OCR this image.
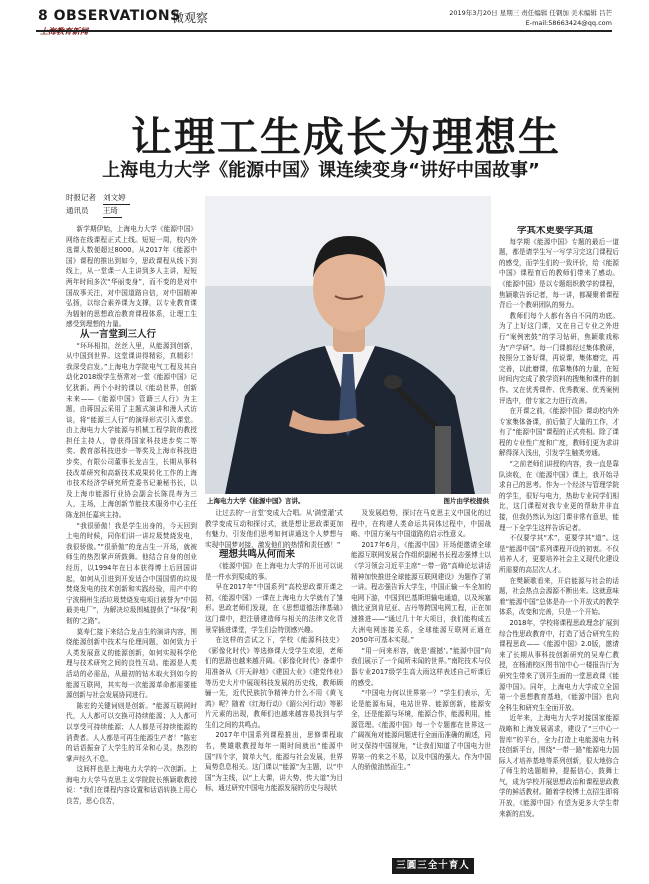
8 OBSERVATIONS
微观察	2019年3月20日 星期三 责任编辑 任钢加 美术编辑 吕芒
E-mail:58663424@qq.com
让理工生成长为理想生
上海电力大学《能源中国》课连续变身“讲好中国故事”
时报记者 刘文婷
通讯员 王琦
上海电力大学《能源中国》言讲。	图片由学校提供

新学期伊始，上海电力大学《能源中国》网络在线课程正式上线。短短一周，校内外选课人数便超过8000。从2017年《能源中国》课程的推出到如今，思政课程从线下到线上，从一堂课一人主讲到多人主讲，短短两年时间多次“华丽变身”，而不变的是对中国故事关注，对中国道路自信，对中国精神弘扬，以综合素养课为支撑，以专业教育课为辐射的思想政治教育课程体系，让理工生感受到理想的力量。

从一言堂到三人行

“环环相扣，丝丝入里，从能源到创新，从中国到世界。这堂课讲得精彩，真精彩！我深受启发。”上海电力学院电气工程及其自动化2018级学生蔡常对一堂《能源中国》记忆犹新。两个小时的课以《能动世界，创新未来——《能源中国》管籍三人行》为主题，由蒋国云采用了主题式演讲和漫人式访谈，将“能源三人行”的演绎形式引入课堂。由上海电力大学能源与机械工程学院的教授担任主持人，曾获得国家科技进步奖二等奖、教育部科技进步一等奖及上海市科技进步奖，有限公司董事长龙吉生，长期从事科技改革研究和高新技术成果转化工作的上海市技术经济学研究所党委书记兼秘书长，以及上海市能源行业协会副会长陈昆寿为三人，主场，上海创新节能技术服务中心主任陈龙担任嘉宾主持。

“我很骄傲！我是学生出身的，今天回到上电的时候，同你们讲一讲垃圾焚烧发电，我很骄傲。”“很骄傲”的龙吉生一开场，就被师生的热烈掌声所鼓舞。他结合自身的创业经历，以1994年在日本获得博士后回国讲起，如何从引进到开发适合中国国情的垃圾焚烧发电的技术创新和实践经验，用产中的宁波桐州生活垃圾焚烧发电项目被誉为“中国最美电厂”，为解决垃圾围城提供了“环保”利彻的‘之路”。

莫寿仁接下来结合龙吉生的演讲内容，围绕能源创新中技术与伦理问题，如何致力于人类发展意义的能源创新，如何实现科学伦理与技术研究之间的良性互动。能源是人类活动的必需品，从最初的钻木取火到如今的能源互联网，其实每一次能源革命都需要能源创新与社会发展协同进行。

陈宏的关键词则是创新。“能源互联网时代，人人都可以交换可持续能源；人人都可以享受可持续能源；人人都是可持续能源的消费者。人人都是可再生能源生产者！”陈宏的话语振奋了大学生的耳朵和心灵。热烈的掌声经久不息。

这间样也是上海电力大学的一次创新。上海电力大学马克思主义学院院长熊颖歌教授说：“我们在课程内容设置和话语转换上用心良苦，思心良苦，

让过去的‘一言堂’变成大合唱。从‘满堂灌’式教学变成互动和探讨式，就是想让思政课更加有魅力，引发他们思考如何讲通这个人梦想与实现中国梦对接，激发他们的热情和责任感！”

理想共鸣从何而来

《能源中国》在上海电力大学的开出可以说是一件水到渠成的事。

早在2017年“中国系列”高校思政课开课之初，《能源中国》一课在上海电力大学就有了雏形。思政老师们发现，在《思想道德法律基础》这门课中，把注册建造师与相关的法律文化背景穿插进课堂，学生们会特别感兴趣。

在这样的尝试之下，学校《能源科技史》《影像化时代》等选修课大受学生欢迎，老师们的思路也越来越开阔。《影像化时代》备课中用准备从《开天辟地》《建国大业》《建党伟业》等历史大片中展现科技发展的历史线，教师顾骊一先，近代民族抗争精神力什么不用《黄飞鸿》呢？随着《红海行动》《湄公河行动》等影片元素的出现，教师们也越来越容易找到与学生们之间的共鸣点。

2017年中国系列课程推出，思修课程取名，樊雄歌教授每年一期时间就出“能源中国”四个字，简单大气，能源与社会发展，世界局势息息相关。这门课以“能源”为主题，以“中国”为主线，以“上大课，讲大势，传大道”为目标，通过研究中国电力能源发展的历史与现状

及发展趋势，探讨在马克思主义中国化的过程中，在构建人类命运共同体过程中，中国战略、中国方案与中国道路的启示性意义。

2017年6月，《能源中国》开场便邀请全球能源互联网发展合作组织副秘书长程志强博士以《学习领会习近平主席“一带一路”高峰论坛讲话精神加快推进全球能源互联网建设》为题作了第一讲。程志强告诉大学生，中国正输一车全加的电网下游，中国到巴基斯坦输电通道，以及埃塞俄比亚到肯尼亚、吉丹等跨国电网工程，正在加速推进——“通过几十年大项目，我们能构成五大洲电网连接关系，全球能源互联网正通在2050年可基本实现。”

“用一问来形容，就是‘震撼’。”能源中国”向我们展示了一个闻所未闻的世界。”南陀技术与仪器专业2017级学生高大雨这样表述自己听课后的感受。

“中国电力何以世界第一？”学生们表示，无论是能源布局，电站世界、能源创新，能源安全，还是能源与环境，能源合作，能源利用，能源管理。《能源中国》每一个专题都在世界这一广阔视角对能源问题进行全面而准确的阐述，同时又保持中国视角，“让我们知道了中国电力世界第一的来之不易，以及中国的强大。作为中国人的骄傲油然而生。”

学其术更要学其道

每学期《能源中国》专题的最后一道题，都是请学生写一写学习完这门课程后的感受，而学生们的一致评价，给《能源中国》课程育后的教师们带来了感动。《能源中国》是以专题组织教学的课程，焦颖歌告诉记者，每一讲，都凝聚着课程背后一个教研团队的努力。

教师们每个人都有各自不同的功底。为了上好这门课，又在自己专业之外进行“案例密鼓”的学习钻研，焦颖歌戏称为“产学研”。每一门课都经过集体教研，按照分工备好课，再说课，集体磨完，再完善，以此磨课，依靠集体的力量，在短时间内完成了教学资料的搜集和课件的制作。又在优秀课件、优秀教案、优秀案例评选中，借专家之力进行改善。

在开课之前，《能源中国》课动校内外专家集体备课，前后做了大量的工作，才有了“能源中国”课程的正式亮相。除了课程的专业性广度和广度，教师们更为求讲解得深入浅出，引发学生触类旁通。

“之前老师们讲授的内容，我一直是靠队读收，在《能源中国》课上，我开始寻求自己的思考。作为一个经济与管理学院的学生，很好与电力，热助专业同学们相比，这门课程对我专业更的帮助并非直接，但我仍然认为这门课非常有意思，能理一下全学生这样告诉记者。

不仅要学其“术”，更要学其“道”。这是“能源中国”系列课程开设的初衷。不仅培养人才，更要培养社会主义现代化建设所需要的高层次人才。

在樊颖歌看来，开启能源与社会的话题，社会热点会源源不断出来。这就意味着“能源中国”总体是办一个开放式的教学体系，改变和完善，只是一个开始。

2018年，学校将课程思政理念扩展到综合性思政教育中，打造了适合研究生的课程思政——《能源中国》2.0版，邀请来了长期从事科技创新研究的吴寿仁教授，在杨浦校区图书馆中心一楼报告厅为研究生带来了别开生面的一堂思政课《能源中国》。同年，上海电力大学成立全国第一个思想教育基地，《能源中国》也向全科生和研究生全面开放。

近年来，上海电力大学对接国家能源战略和上海发展需求，建设了“三中心一智库”的平台，全力打造上电能源电力科技创新平台，围绕“一带一路”能源电力国际人才培养基地等系列创新，很大地弥合了师生的选题精神，提振信心，鼓舞士气，成为学校开展思想政治和课程思政教学的鲜活教材。随着学校博士点招生即将开放，《能源中国》有望为更多大学生带来新的启发。

三圓三全十育人
